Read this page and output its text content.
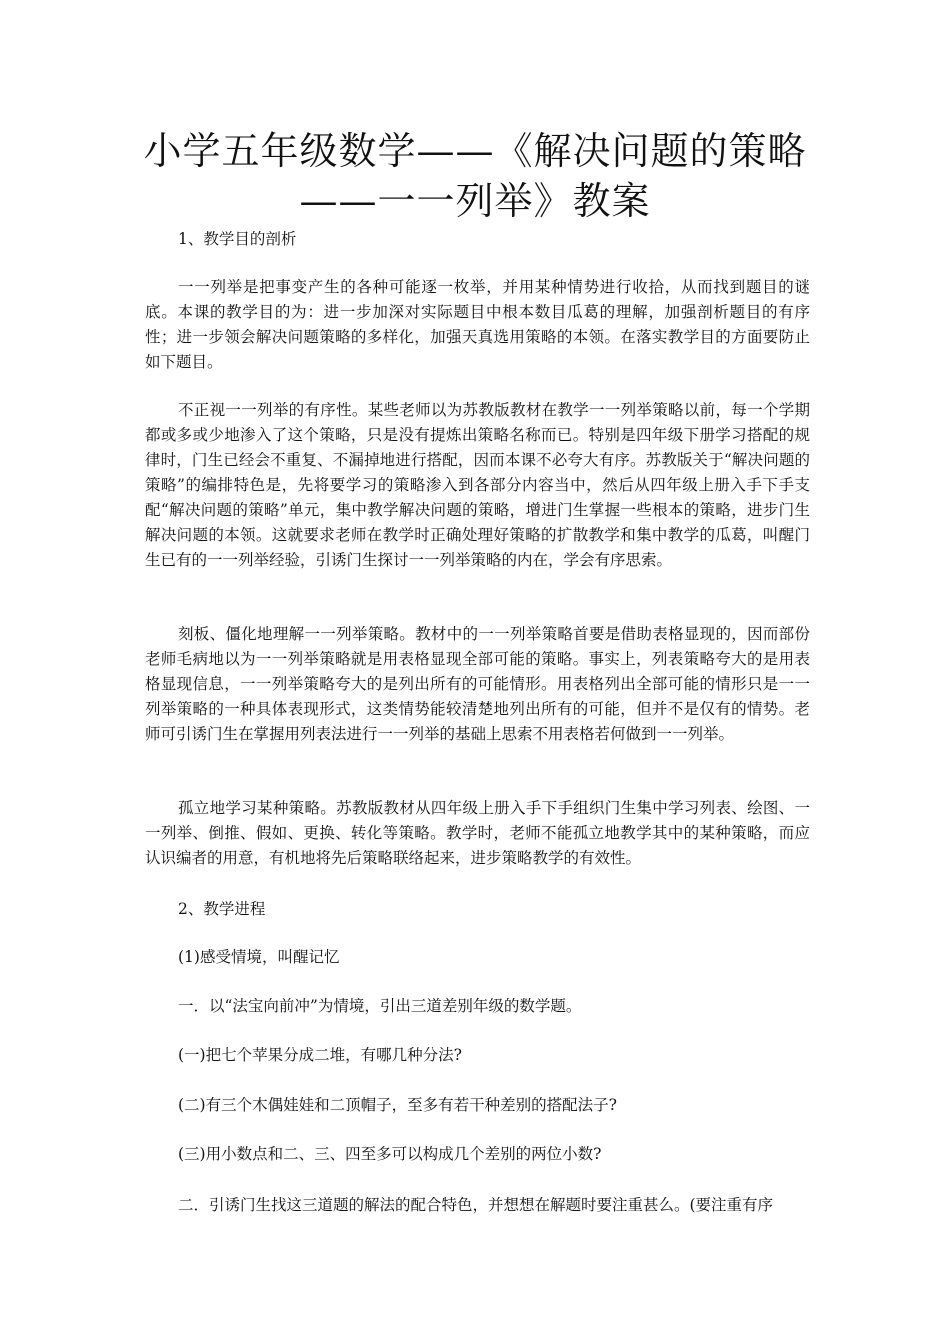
小学五年级数学——《解决问题的策略
——一一列举》教案

1、教学目的剖析

一一列举是把事变产生的各种可能逐一枚举，并用某种情势进行收拾，从而找到题目的谜底。本课的教学目的为：进一步加深对实际题目中根本数目瓜葛的理解，加强剖析题目的有序性；进一步领会解决问题策略的多样化，加强天真选用策略的本领。在落实教学目的方面要防止如下题目。

不正视一一列举的有序性。某些老师以为苏教版教材在教学一一列举策略以前，每一个学期都或多或少地渗入了这个策略，只是没有提炼出策略名称而已。特别是四年级下册学习搭配的规律时，门生已经会不重复、不漏掉地进行搭配，因而本课不必夸大有序。苏教版关于“解决问题的策略”的编排特色是，先将要学习的策略渗入到各部分内容当中，然后从四年级上册入手下手支配“解决问题的策略”单元，集中教学解决问题的策略，增进门生掌握一些根本的策略，进步门生解决问题的本领。这就要求老师在教学时正确处理好策略的扩散教学和集中教学的瓜葛，叫醒门生已有的一一列举经验，引诱门生探讨一一列举策略的内在，学会有序思索。

刻板、僵化地理解一一列举策略。教材中的一一列举策略首要是借助表格显现的，因而部份老师毛病地以为一一列举策略就是用表格显现全部可能的策略。事实上，列表策略夸大的是用表格显现信息，一一列举策略夸大的是列出所有的可能情形。用表格列出全部可能的情形只是一一列举策略的一种具体表现形式，这类情势能较清楚地列出所有的可能，但并不是仅有的情势。老师可引诱门生在掌握用列表法进行一一列举的基础上思索不用表格若何做到一一列举。

孤立地学习某种策略。苏教版教材从四年级上册入手下手组织门生集中学习列表、绘图、一一列举、倒推、假如、更换、转化等策略。教学时，老师不能孤立地教学其中的某种策略，而应认识编者的用意，有机地将先后策略联络起来，进步策略教学的有效性。

2、教学进程

(1)感受情境，叫醒记忆

一．以“法宝向前冲”为情境，引出三道差别年级的数学题。

(一)把七个苹果分成二堆，有哪几种分法?

(二)有三个木偶娃娃和二顶帽子，至多有若干种差别的搭配法子?

(三)用小数点和二、三、四至多可以构成几个差别的两位小数?

二．引诱门生找这三道题的解法的配合特色，并想想在解题时要注重甚么。(要注重有序
